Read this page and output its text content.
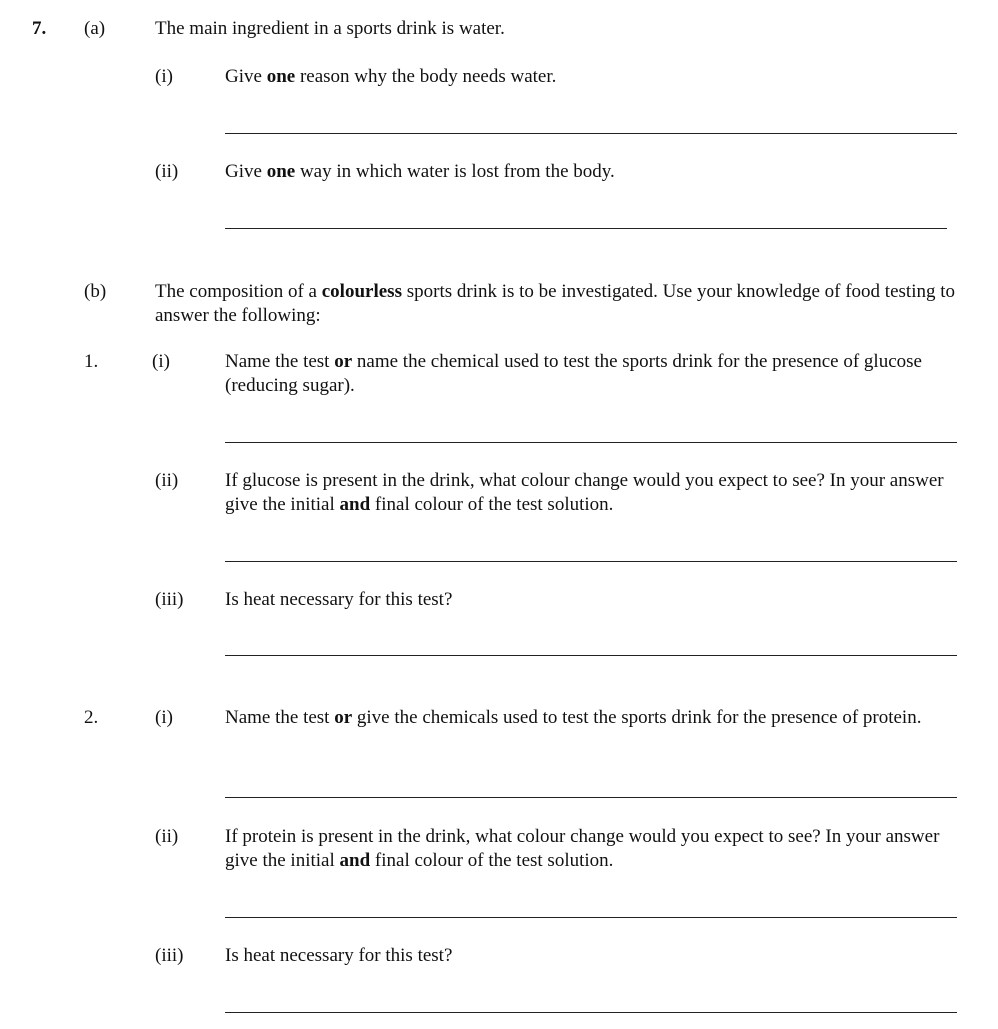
7. (a)	The main ingredient in a sports drink is water.
(i)	Give one reason why the body needs water.
(ii) Give one way in which water is lost from the body.
(b)	The composition of a colourless sports drink is to be investigated. Use your knowledge of food testing to answer the following:
1.	(i)	Name the test or name the chemical used to test the sports drink for the presence of glucose (reducing sugar).
(ii) If glucose is present in the drink, what colour change would you expect to see? In your answer give the initial and final colour of the test solution.
(iii) Is heat necessary for this test?
2.	(i)	Name the test or give the chemicals used to test the sports drink for the presence of protein.
(ii) If protein is present in the drink, what colour change would you expect to see? In your answer give the initial and final colour of the test solution.
(iii) Is heat necessary for this test?
